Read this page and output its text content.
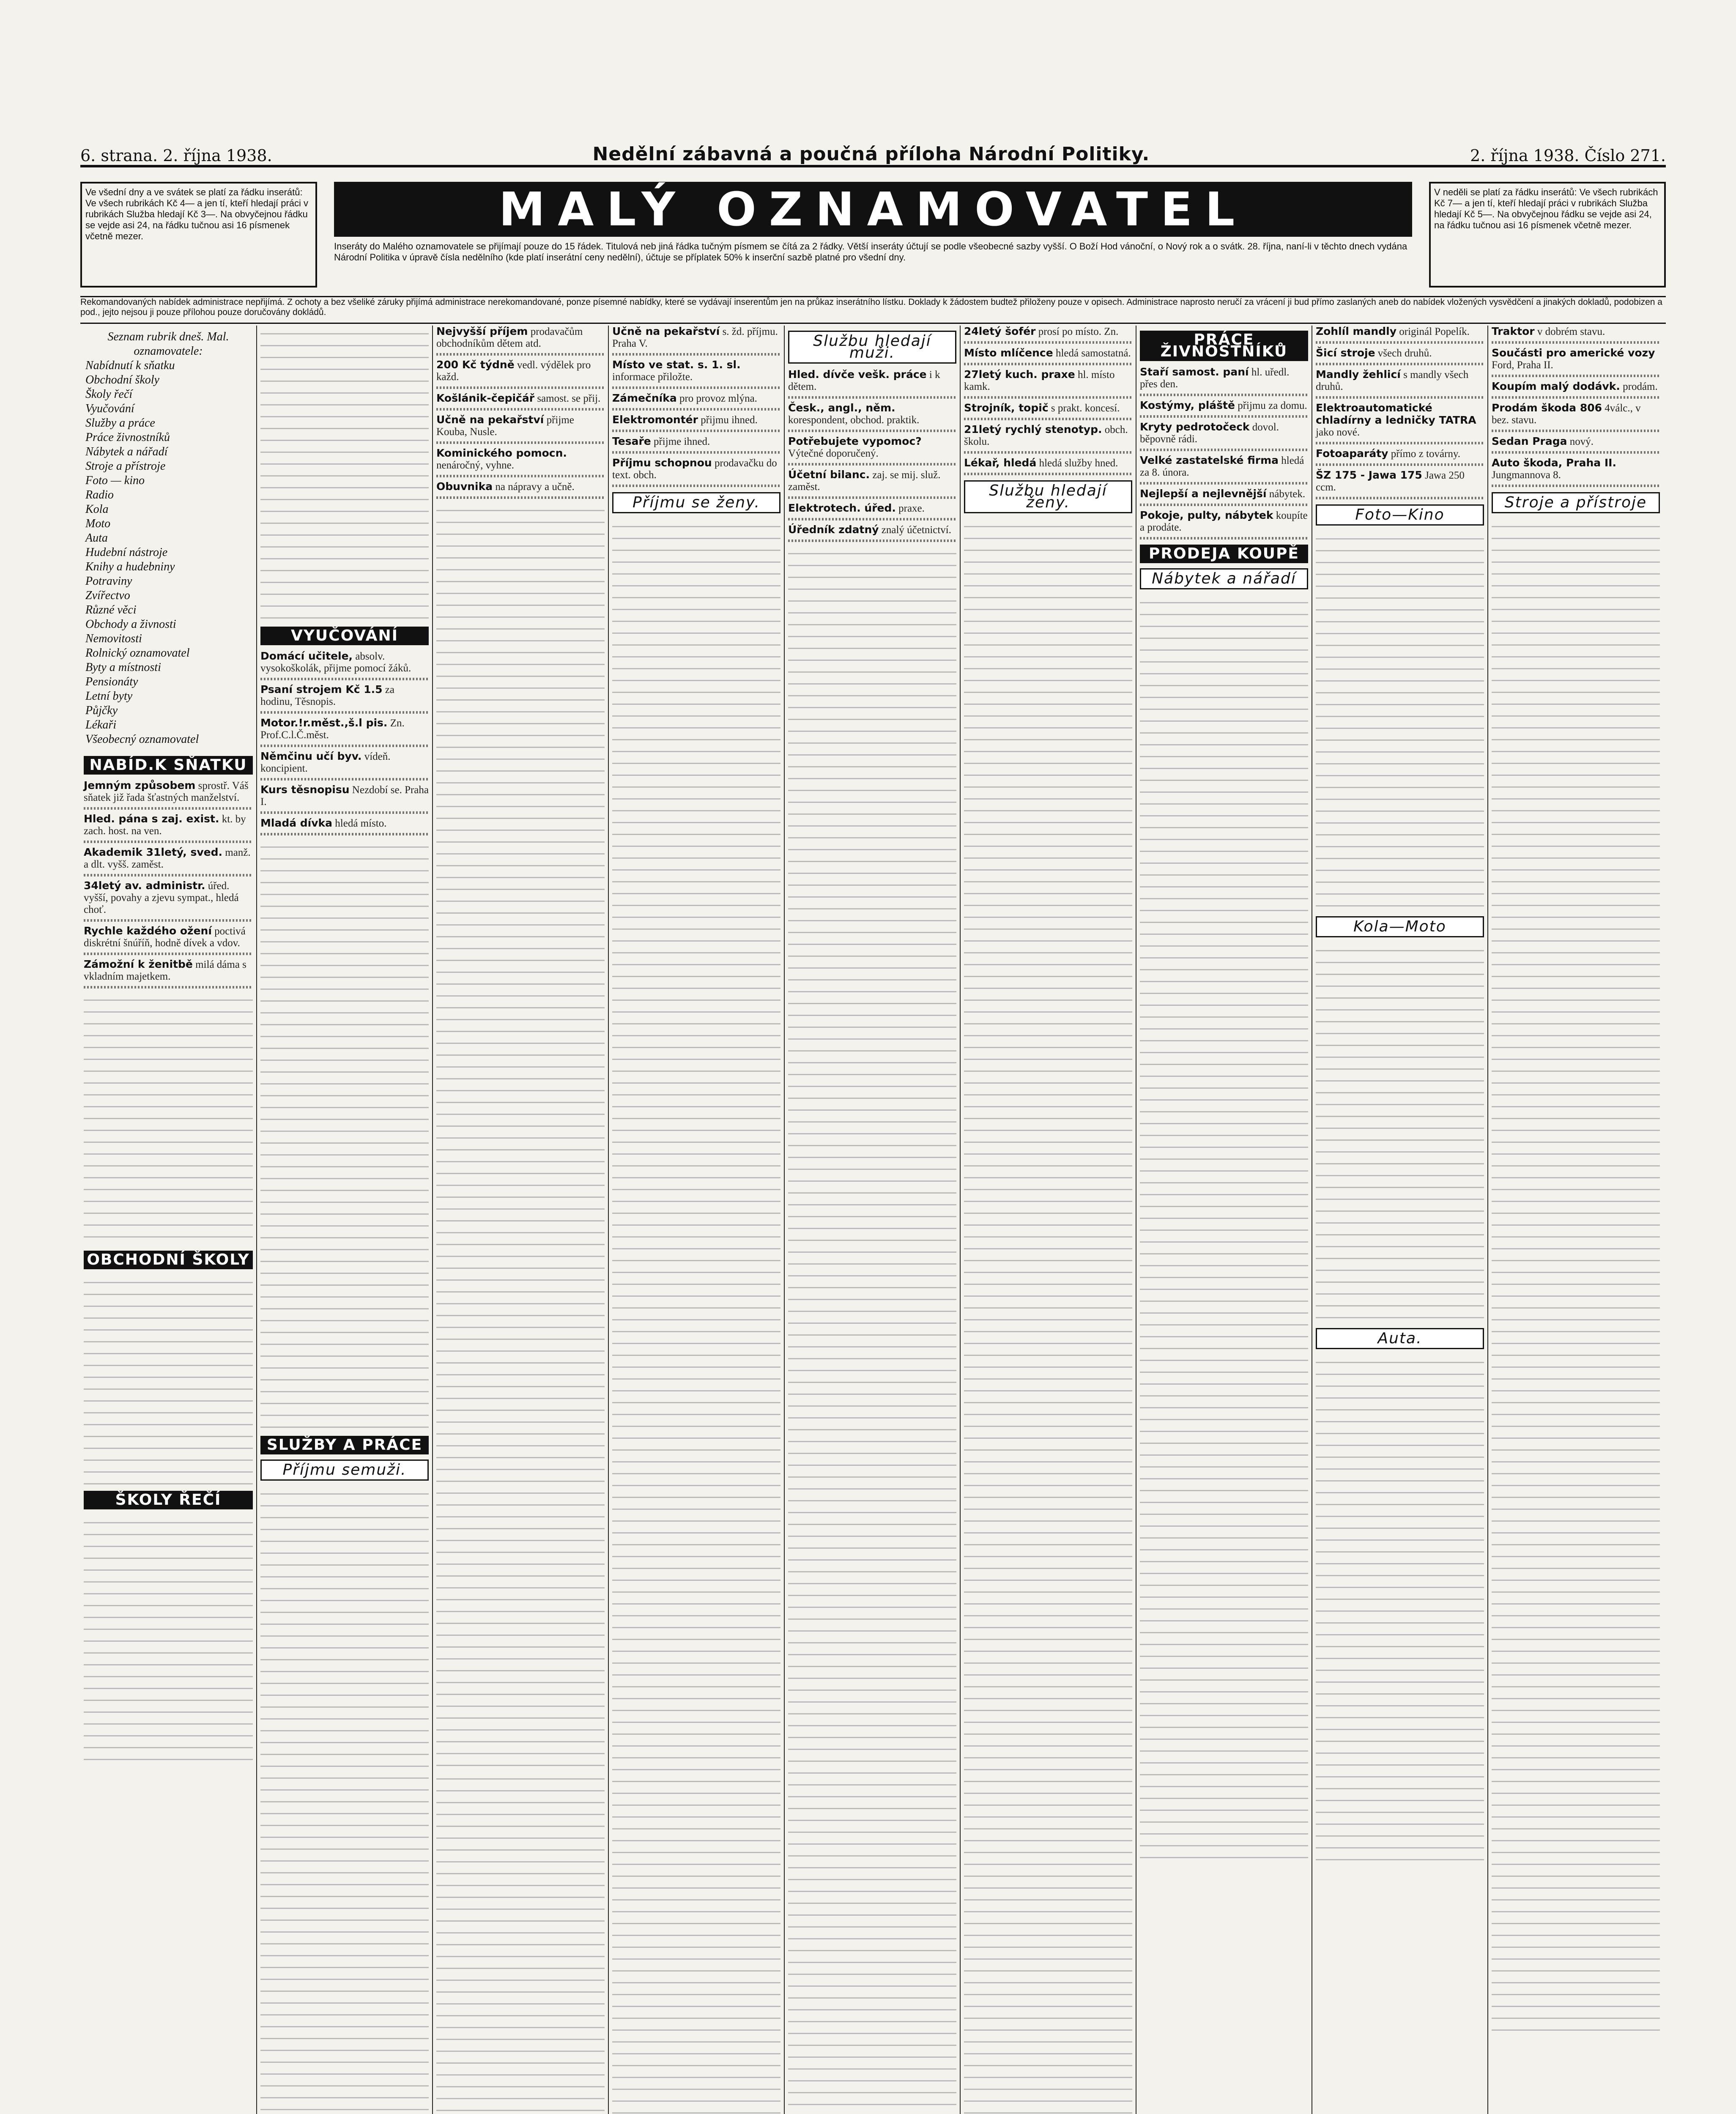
6. strana. 2. října 1938.	Nedělní zábavná a poučná příloha Národní Politiky.	2. října 1938. Číslo 271.
Ve všední dny a ve svátek se platí za řádku inserátů: Ve všech rubrikách Kč 4— a jen tí, kteří hledají práci v rubrikách Služba hledají Kč 3—. Na obvyčejnou řádku se vejde asi 24, na řádku tučnou asi 16 písmenek včetně mezer.	MALÝ OZNAMOVATEL
Inseráty do Malého oznamovatele se přijímají pouze do 15 řádek. Titulová neb jiná řádka tučným písmem se čítá za 2 řádky. Větší inseráty účtují se podle všeobecné sazby vyšší. O Boží Hod vánoční, o Nový rok a o svátk. 28. října, naní-li v těchto dnech vydána Národní Politika v úpravě čísla nedělního (kde platí inserátní ceny nedělní), účtuje se příplatek 50% k inserční sazbě platné pro všední dny.
V neděli se platí za řádku inserátů: Ve všech rubrikách Kč 7— a jen tí, kteří hledají práci v rubrikách Služba hledají Kč 5—. Na obvyčejnou řádku se vejde asi 24, na řádku tučnou asi 16 písmenek včetně mezer.
Rekomandovaných nabídek administrace nepřijímá. Z ochoty a bez všeliké záruky přijímá administrace nerekomandované, ponze písemné nabídky, které se vydávají inserentům jen na průkaz inserátního lístku. Doklady k žádostem budtež přiloženy pouze v opisech. Administrace naprosto neručí za vrácení ji bud přímo zaslaných aneb do nabídek vložených vysvědčení a jinakých dokladů, podobizen a pod., jejto nejsou ji pouze přílohou pouze doručovány dokládů.
Seznam rubrik dneš. Mal. oznamovatele:
Nabídnutí k sňatku
Obchodní školy
Školy řečí
Vyučování
Služby a práce
Práce živnostníků
Nábytek a nářadí
Stroje a přístroje
Foto — kino
Radio
Kola
Moto
Auta
Hudební nástroje
Knihy a hudebniny
Potraviny
Zvířectvo
Různé věci
Obchody a živnosti
Nemovitosti
Rolnický oznamovatel
Byty a místnosti
Pensionáty
Letní byty
Půjčky
Lékaři
Všeobecný oznamovatel
NABÍD.K SŇATKU
Jemným způsobem sprostř. Váš sňatek již řada šťastných manželství.
Hled. pána s zaj. exist. kt. by zach. host. na ven.
Akademik 31letý, sved. manž. a dlt. vyšš. zaměst.
34letý av. administr. úřed. vyšší, povahy a zjevu sympat., hledá choť.
Rychle každého ožení poctivá diskrétní šnúříň, hodně dívek a vdov.
Zámožní k ženitbě milá dáma s vkladním majetkem.
OBCHODNÍ ŠKOLY
ŠKOLY ŘEČÍ
VYUČOVÁNÍ
Domácí učitele, absolv. vysokoškolák, přijme pomocí žáků.
Psaní strojem Kč 1.5 za hodinu, Těsnopis.
Motor.!r.měst.,š.l pis. Zn. Prof.C.l.Č.měst.
Němčinu učí byv. vídeň. koncipient.
Kurs těsnopisu Nezdobí se. Praha I.
Mladá dívka hledá místo.
SLUŽBY A PRÁCE
Příjmu semuži.
Nejvyšší příjem prodavačům obchodníkům dětem atd.
200 Kč týdně vedl. výdělek pro každ.
Košlánik-čepičář samost. se přij.
Učně na pekařství přijme Kouba, Nusle.
Kominického pomocn. nenáročný, vyhne.
Obuvnika na nápravy a učně.
Učně na pekařství s. žd. příjmu. Praha V.
Místo ve stat. s. 1. sl. informace přiložte.
Zámečníka pro provoz mlýna.
Elektromontér přijmu ihned.
Tesaře přijme ihned.
Příjmu schopnou prodavačku do text. obch.
Příjmu se ženy.
Službu hledají muži.
Hled. dívče vešk. práce i k dětem.
Česk., angl., něm. korespondent, obchod. praktik.
Potřebujete vypomoc? Výtečné doporučený.
Účetní bilanc. zaj. se mij. služ. zaměst.
Elektrotech. úřed. praxe.
Úředník zdatný znalý účetnictví.
24letý šofér prosí po místo. Zn.
Místo mlíčence hledá samostatná.
27letý kuch. praxe hl. místo kamk.
Strojník, topič s prakt. koncesí.
21letý rychlý stenotyp. obch. školu.
Lékař, hledá hledá služby hned.
Službu hledají ženy.
PRÁCE ŽIVNOSTNÍKŮ
Staří samost. paní hl. uředl. přes den.
Kostýmy, pláště přijmu za domu.
Kryty pedrotočeck dovol. běpovně rádi.
Velké zastatelské firma hledá za 8. února.
Nejlepší a nejlevnější nábytek.
Pokoje, pulty, nábytek koupíte a prodáte.
PRODEJA KOUPĚ
Nábytek a nářadí
Zohlíl mandly originál Popelík.
Šicí stroje všech druhů.
Mandly žehlicí s mandly všech druhů.
Elektroautomatické chladírny a ledničky TATRA jako nové.
Fotoaparáty přímo z továrny.
ŠZ 175 - Jawa 175 Jawa 250 ccm.
Foto—Kino
Kola—Moto
Auta.
Traktor v dobrém stavu.
Součásti pro americké vozy Ford, Praha II.
Koupím malý dodávk. prodám.
Prodám škoda 806 4válc., v bez. stavu.
Sedan Praga nový.
Auto škoda, Praha II. Jungmannova 8.
Stroje a přístroje
